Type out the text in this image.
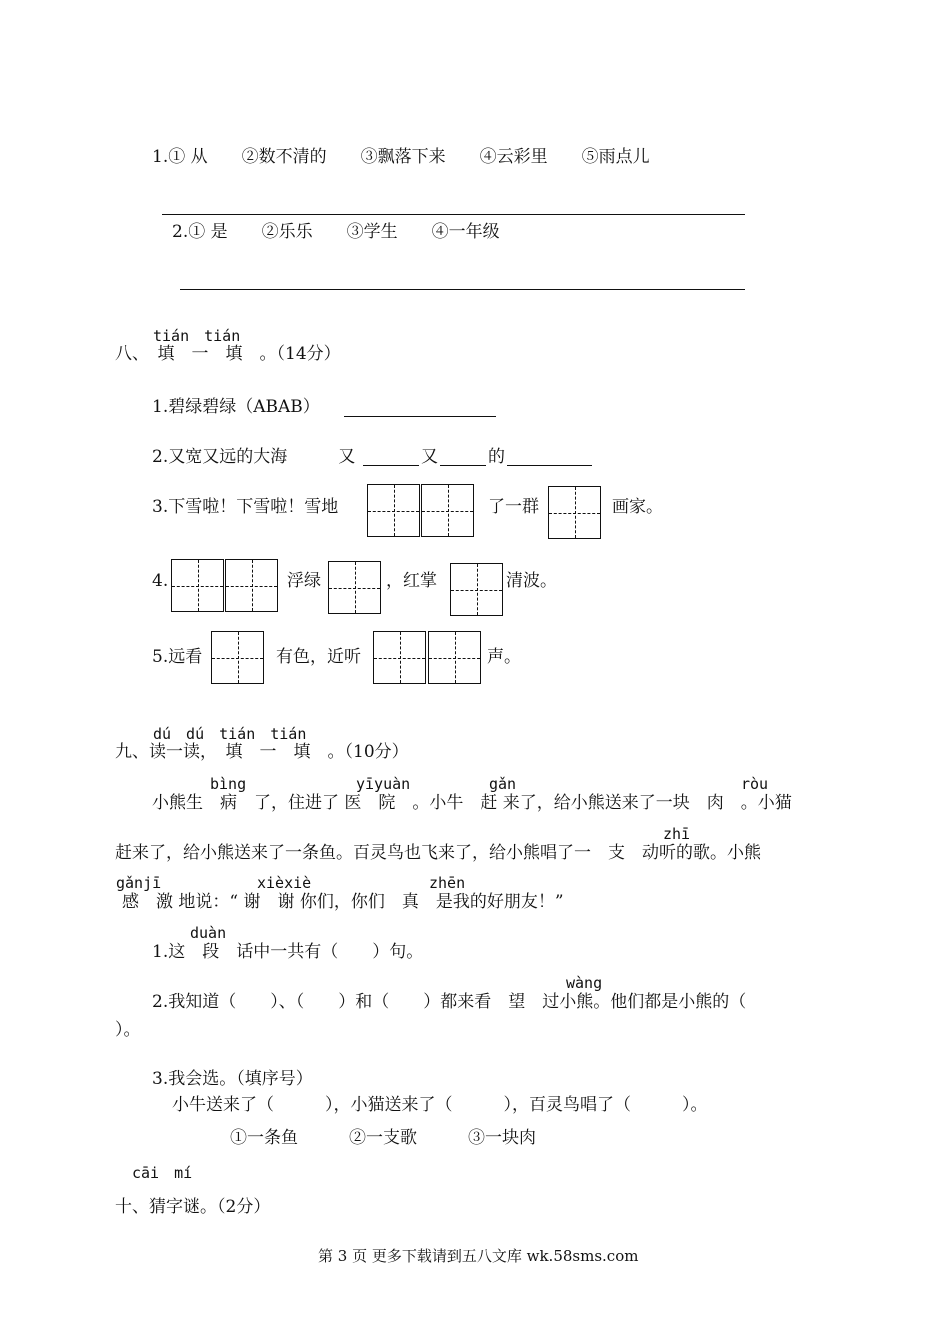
1.① 从　　②数不清的　　③飘落下来　　④云彩里　　⑤雨点儿
2.① 是　　②乐乐　　③学生　　④一年级
tián　tián
八、　填　一　填　。（14分）
1.碧绿碧绿（ABAB）
2.又宽又远的大海　　　又	又	的
3.下雪啦！下雪啦！雪地	了一群	画家。
4.	浮绿	，红掌	清波。
5.远看	有色，近听	声。
dú　dú　tián　tián
九、读一读，　填　一　填　。（10分）
bìng	yīyuàn	gǎn	ròu
小熊生　病　了，住进了 医　院　。小牛　赶 来了，给小熊送来了一块　肉　。小猫
zhī
赶来了，给小熊送来了一条鱼。百灵鸟也飞来了，给小熊唱了一　支　动听的歌。小熊
gǎnjī	xièxiè	zhēn
感　激 地说：“ 谢　谢 你们，你们　真　是我的好朋友！”
duàn
1.这　段　话中一共有（　　）句。
wàng
2.我知道（　　）、（　　）和（　　）都来看　望　过小熊。他们都是小熊的（
）。
3.我会选。（填序号）
小牛送来了（　　　），小猫送来了（　　　），百灵鸟唱了（　　　）。
①一条鱼　　　②一支歌　　　③一块肉
cāi　mí
十、猜字谜。（2分）
第 3 页 更多下载请到五八文库 wk.58sms.com
